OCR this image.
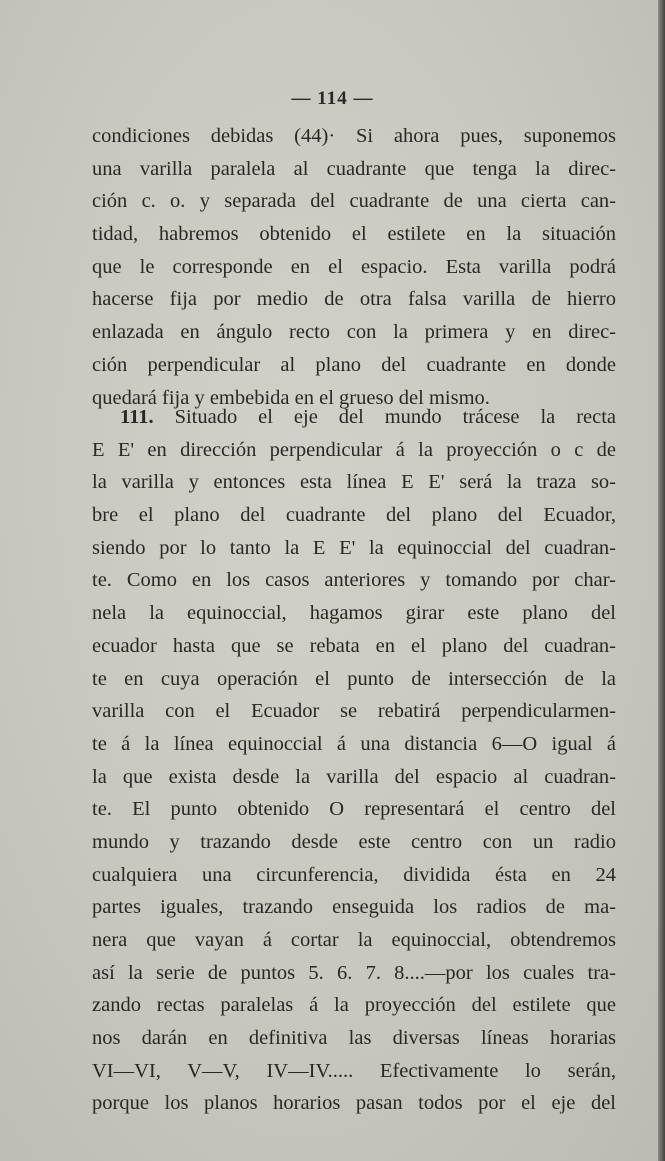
— 114 —
condiciones debidas (44)· Si ahora pues, suponemos
una varilla paralela al cuadrante que tenga la direc-
ción c. o. y separada del cuadrante de una cierta can-
tidad, habremos obtenido el estilete en la situación
que le corresponde en el espacio. Esta varilla podrá
hacerse fija por medio de otra falsa varilla de hierro
enlazada en ángulo recto con la primera y en direc-
ción perpendicular al plano del cuadrante en donde
quedará fija y embebida en el grueso del mismo.
111. Situado el eje del mundo trácese la recta
E E' en dirección perpendicular á la proyección o c de
la varilla y entonces esta línea E E' será la traza so-
bre el plano del cuadrante del plano del Ecuador,
siendo por lo tanto la E E' la equinoccial del cuadran-
te. Como en los casos anteriores y tomando por char-
nela la equinoccial, hagamos girar este plano del
ecuador hasta que se rebata en el plano del cuadran-
te en cuya operación el punto de intersección de la
varilla con el Ecuador se rebatirá perpendicularmen-
te á la línea equinoccial á una distancia 6—O igual á
la que exista desde la varilla del espacio al cuadran-
te. El punto obtenido O representará el centro del
mundo y trazando desde este centro con un radio
cualquiera una circunferencia, dividida ésta en 24
partes iguales, trazando enseguida los radios de ma-
nera que vayan á cortar la equinoccial, obtendremos
así la serie de puntos 5. 6. 7. 8....—por los cuales tra-
zando rectas paralelas á la proyección del estilete que
nos darán en definitiva las diversas líneas horarias
VI—VI, V—V, IV—IV..... Efectivamente lo serán,
porque los planos horarios pasan todos por el eje del
